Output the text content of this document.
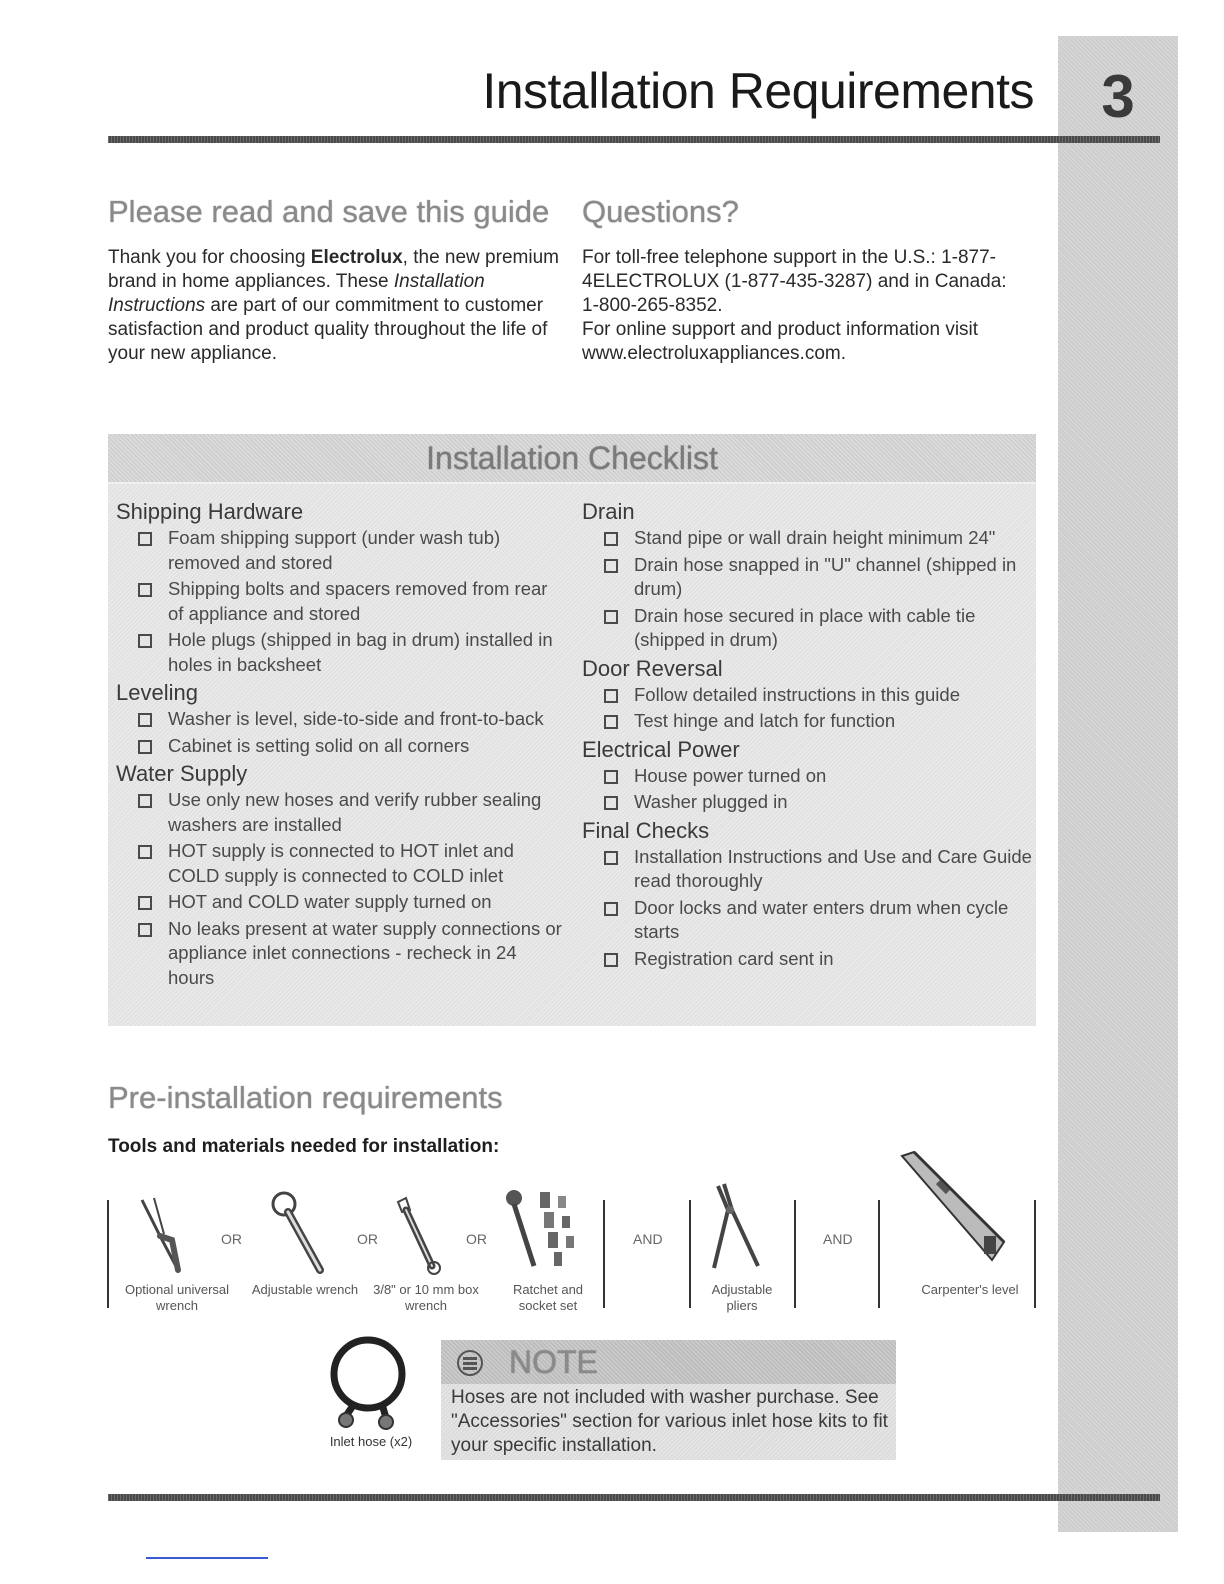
3
Installation Requirements
Please read and save this guide

Thank you for choosing Electrolux, the new premium brand in home appliances. These Installation Instructions are part of our commitment to customer satisfaction and product quality throughout the life of your new appliance.

Questions?

For toll-free telephone support in the U.S.: 1-877-4ELECTROLUX (1-877-435-3287) and in Canada: 1-800-265-8352.

For online support and product information visit www.electroluxappliances.com.

Installation Checklist
Shipping Hardware
Foam shipping support (under wash tub) removed and stored
Shipping bolts and spacers removed from rear of appliance and stored
Hole plugs (shipped in bag in drum) installed in holes in backsheet
Leveling
Washer is level, side-to-side and front-to-back
Cabinet is setting solid on all corners
Water Supply
Use only new hoses and verify rubber sealing washers are installed
HOT supply is connected to HOT inlet and COLD supply is connected to COLD inlet
HOT and COLD water supply turned on
No leaks present at water supply connections or appliance inlet connections - recheck in 24 hours
Drain
Stand pipe or wall drain height minimum 24"
Drain hose snapped in "U" channel (shipped in drum)
Drain hose secured in place with cable tie (shipped in drum)
Door Reversal
Follow detailed instructions in this guide
Test hinge and latch for function
Electrical Power
House power turned on
Washer plugged in
Final Checks
Installation Instructions and Use and Care Guide read thoroughly
Door locks and water enters drum when cycle starts
Registration card sent in
Pre-installation requirements

Tools and materials needed for installation:

OR
Optional universal wrench
OR
Adjustable wrench
OR
3/8" or 10 mm box wrench
Ratchet and socket set
AND
Adjustable pliers
AND
Carpenter's level
Inlet hose (x2)
NOTE

Hoses are not included with washer purchase. See "Accessories" section for various inlet hose kits to fit your specific installation.
